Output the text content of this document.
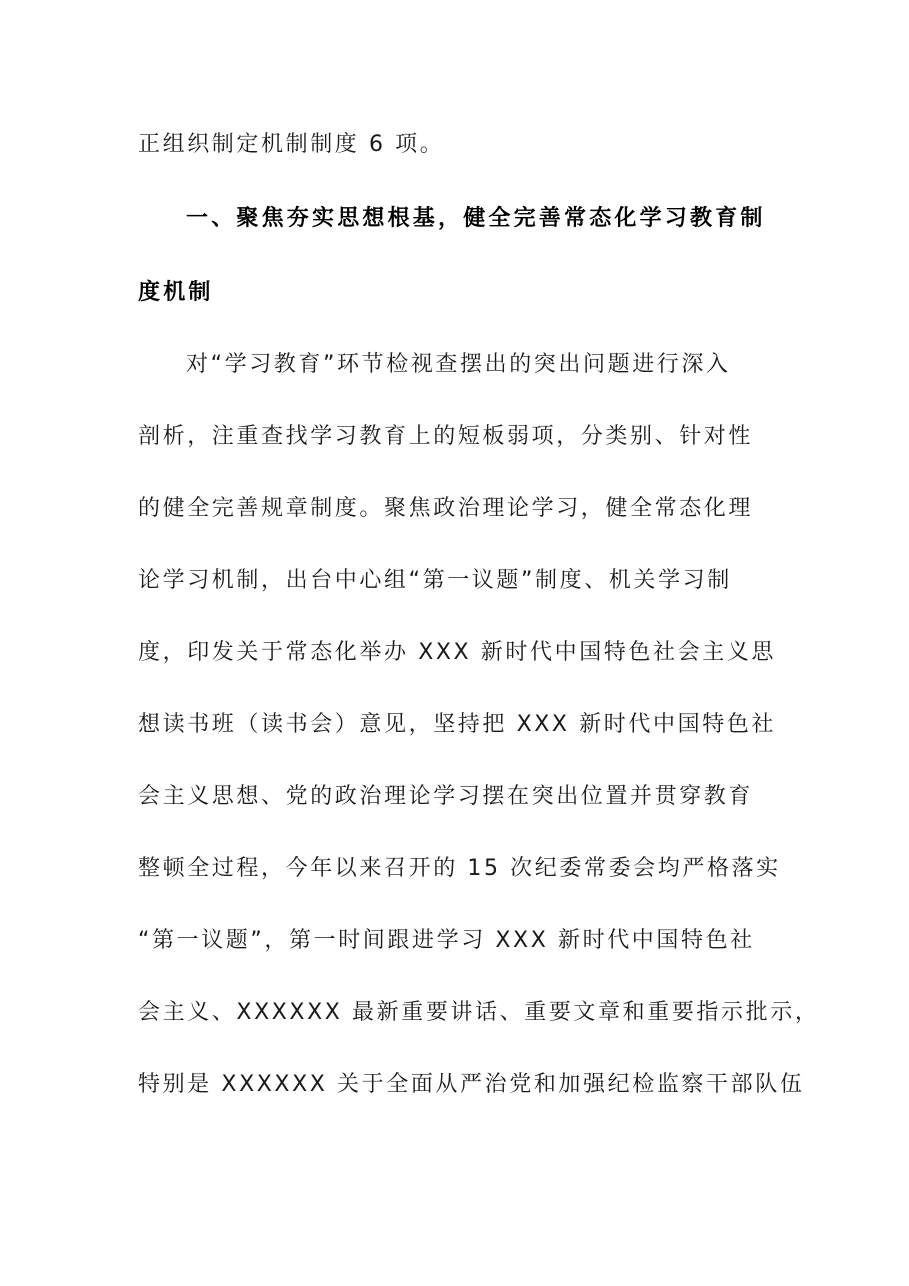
正组织制定机制制度 6 项。
一、聚焦夯实思想根基，健全完善常态化学习教育制
度机制
对“学习教育”环节检视查摆出的突出问题进行深入
剖析，注重查找学习教育上的短板弱项，分类别、针对性
的健全完善规章制度。聚焦政治理论学习，健全常态化理
论学习机制，出台中心组“第一议题”制度、机关学习制
度，印发关于常态化举办 XXX 新时代中国特色社会主义思
想读书班（读书会）意见，坚持把 XXX 新时代中国特色社
会主义思想、党的政治理论学习摆在突出位置并贯穿教育
整顿全过程，今年以来召开的 15 次纪委常委会均严格落实
“第一议题”，第一时间跟进学习 XXX 新时代中国特色社
会主义、XXXXXX 最新重要讲话、重要文章和重要指示批示，
特别是 XXXXXX 关于全面从严治党和加强纪检监察干部队伍
